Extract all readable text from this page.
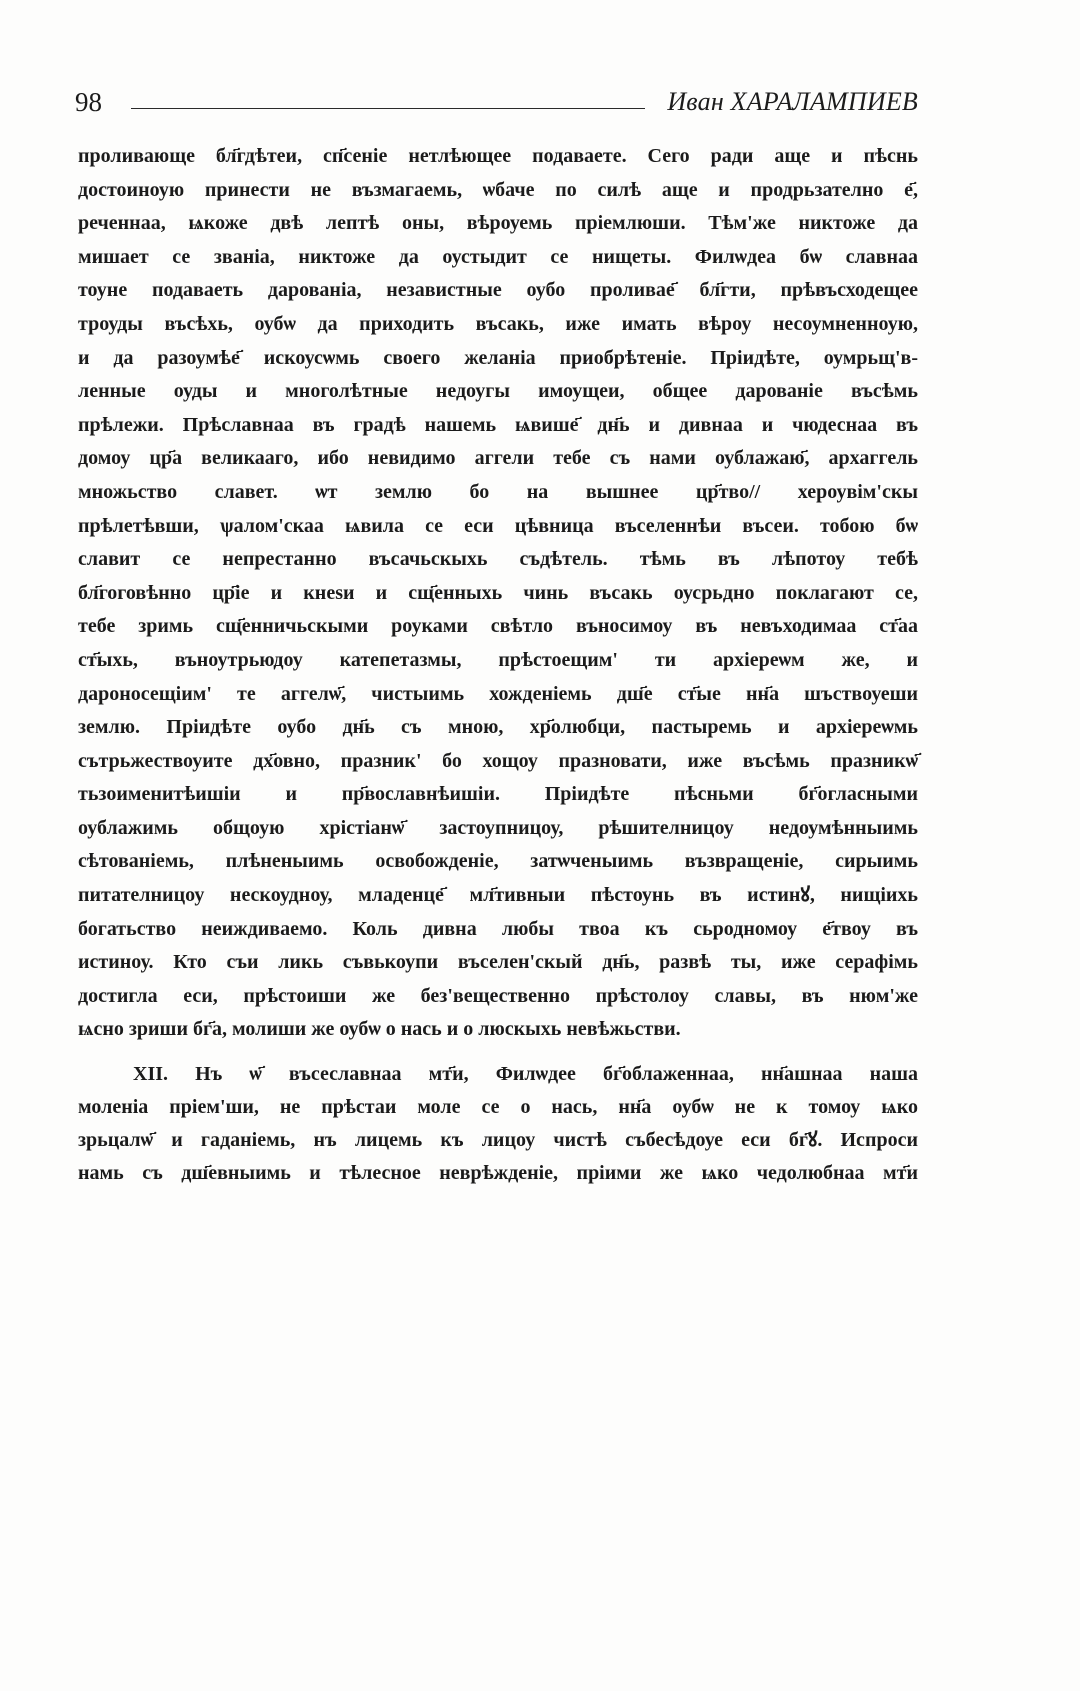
98	Иван ХАРАЛАМПИЕВ
проливающе бл҃гдѣтеи, сп҃сеніе нетлѣющее подаваете. Сего ради аще и пѣснь
достоиноую принести не възмагаемь, ѡбаче по силѣ аще и продрьзателно е҃,
реченнаа, ѩкоже двѣ лептѣ оны, вѣроуемь пріемлюши. Тѣм'же никтоже да
мишает се званіа, никтоже да оустыдит се нищеты. Филѡдеа бѡ славнаа
тоуне подаваеть дарованіа, независтные оубо проливае҃ бл҃гти, прѣвъсходещее
троуды въсѣхь, оубѡ да приходить въсакь, иже имать вѣроу несоумненноую,
и да разоумѣе҃ искоусѡмь своего желаніа приобрѣтеніе. Пріидѣте, оумрьщ'в-
ленные оуды и многолѣтные недоугы имоущеи, общее дарованіе въсѣмь
прѣлежи. Прѣславнаа въ градѣ нашемь ѩвише҃ дн҃ь и дивнаа и чюдеснаа въ
домоу цр҃а великааго, ибо невидимо аггели тебе съ нами оублажаю҃, архаггель
множьство славет. ѡт землю бо на вышнее цр҃тво// хероувім'скы
прѣлетѣвши, ѱалом'скаа ѩвила се еси цѣвница въселеннѣи въсеи. тобою бѡ
славит се непрестанно въсачьскыхь съдѣтель. тѣмь въ лѣпотоу тебѣ
бл҃гоговѣнно цр҃іе и кнеѕи и сщ҃енныхь чинь въсакь оусрьдно поклагают се,
тебе зримь сщ҃енничьскыми роуками свѣтло въносимоу въ невъходимаа ст҃аа
ст҃ыхь, въноутрьюдоу катепетазмы, прѣстоещим' ти архіереѡм же, и
дароносещіим' те аггелѡ҃, чистыимь хожденіемь дш҃е ст҃ые нн҃а шъствоуеши
землю. Пріидѣте оубо дн҃ь съ мною, хр҃олюбци, пастыремь и архіереѡмь
сътрьжествоуите дх҃овно, празник' бо хощоу празновати, иже въсѣмь празникѡ҃
тьзоименитѣишіи и пр҃вославнѣишіи. Пріидѣте пѣсньми бг҃огласными
оублажимь общоую хрістіанѡ҃ застоупницоу, рѣшителницоу недоумѣнныимь
сѣтованіемь, плѣненыимь освобожденіе, затѡченыимь възвращеніе, сирыимь
питателницоу нескоудноу, младенце҃ мл҃тивныи пѣстоунь въ истинꙋ, нищіихь
богатьство неиждиваемо. Коль дивна любы твоа къ сьродномоу е҃твоу въ
истиноу. Кто съи ликь съвькоупи въселен'скый дн҃ь, развѣ ты, иже серафімь
достигла еси, прѣстоиши же без'вещественно прѣстолоу славы, въ нюм'же
ѩсно зриши бг҃а, молиши же оубѡ о нась и о люскыхь невѣжьстви.
XII. Нъ ѡ҃ въсеславнаа мт҃и, Филѡдее бг҃облаженнаа, нн҃ашнаа наша
моленіа пріем'ши, не прѣстаи моле се о нась, нн҃а оубѡ не к томоу ѩко
зрьцалѡ҃ и гаданіемь, нъ лицемь къ лицоу чистѣ събесѣдоуе еси бг҃ꙋ. Испроси
намь съ дш҃евныимь и тѣлесное неврѣжденіе, пріими же ѩко чедолюбнаа мт҃и
